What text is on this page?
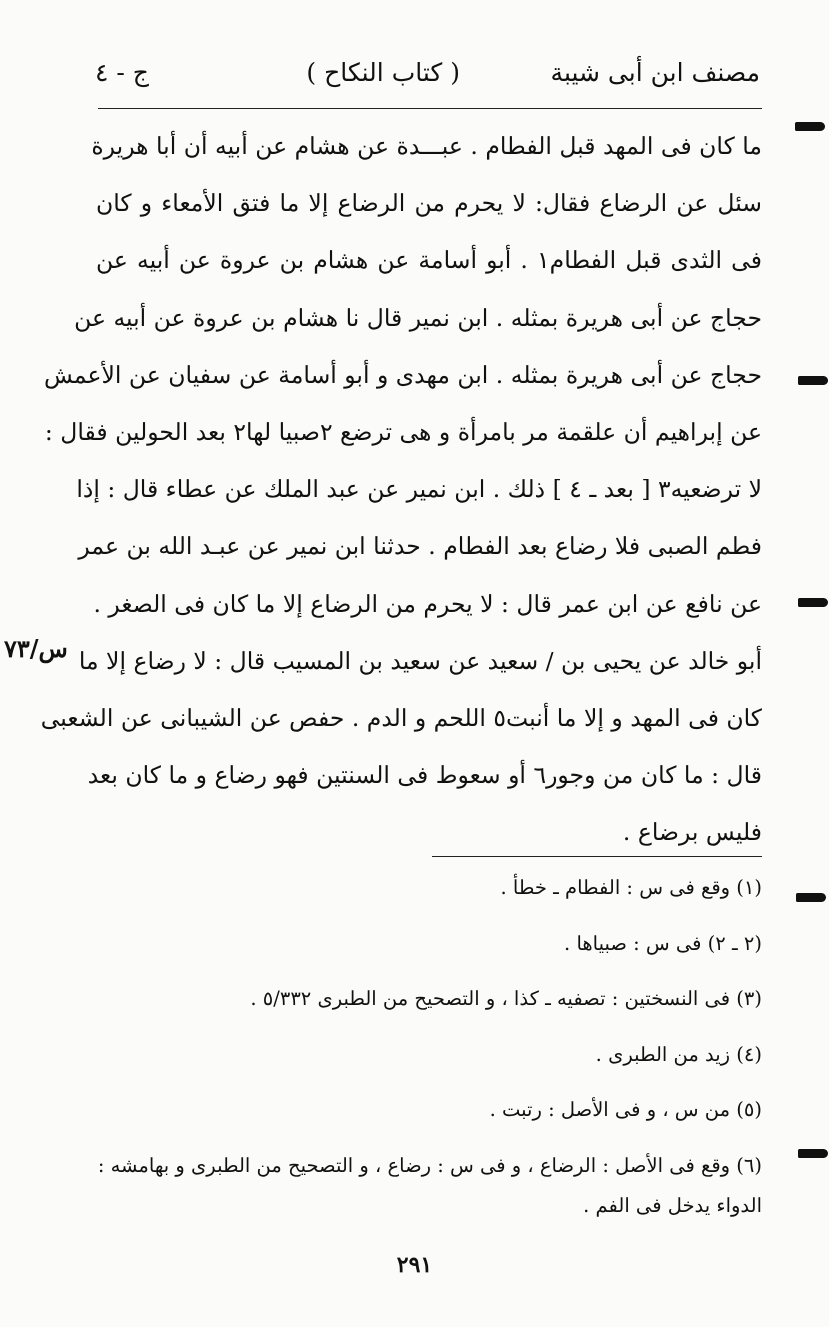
مصنف ابن أبى شيبة
( كتاب النكاح )
ج - ٤
ما كان فى المهد قبل الفطام . عبـــدة عن هشام عن أبيه أن أبا هريرة
سئل عن الرضاع فقال: لا يحرم من الرضاع إلا ما فتق الأمعاء و كان
فى الثدى قبل الفطام١ . أبو أسامة عن هشام بن عروة عن أبيه عن
حجاج عن أبى هريرة بمثله . ابن نمير قال نا هشام بن عروة عن أبيه عن
حجاج عن أبى هريرة بمثله . ابن مهدى و أبو أسامة عن سفيان عن الأعمش
عن إبراهيم أن علقمة مر بامرأة و هى ترضع ٢صبيا لها٢ بعد الحولين فقال :
لا ترضعيه٣ [ بعد ـ ٤ ] ذلك . ابن نمير عن عبد الملك عن عطاء قال : إذا
فطم الصبى فلا رضاع بعد الفطام . حدثنا ابن نمير عن عبـد الله بن عمر
عن نافع عن ابن عمر قال : لا يحرم من الرضاع إلا ما كان فى الصغر .
أبو خالد عن يحيى بن / سعيد عن سعيد بن المسيب قال : لا رضاع إلا ما
كان فى المهد و إلا ما أنبت٥ اللحم و الدم . حفص عن الشيبانى عن الشعبى
قال : ما كان من وجور٦ أو سعوط فى السنتين فهو رضاع و ما كان بعد
فليس برضاع .
س/٧٣
(١) وقع فى س : الفطام ـ خطأ .
(٢ ـ ٢) فى س : صبياها .
(٣) فى النسختين : تصفيه ـ كذا ، و التصحيح من الطبرى ٥/٣٣٢ .
(٤) زيد من الطبرى .
(٥) من س ، و فى الأصل : رتبت .
(٦) وقع فى الأصل : الرضاع ، و فى س : رضاع ، و التصحيح من الطبرى و بهامشه :
الدواء يدخل فى الفم .
٢٩١
